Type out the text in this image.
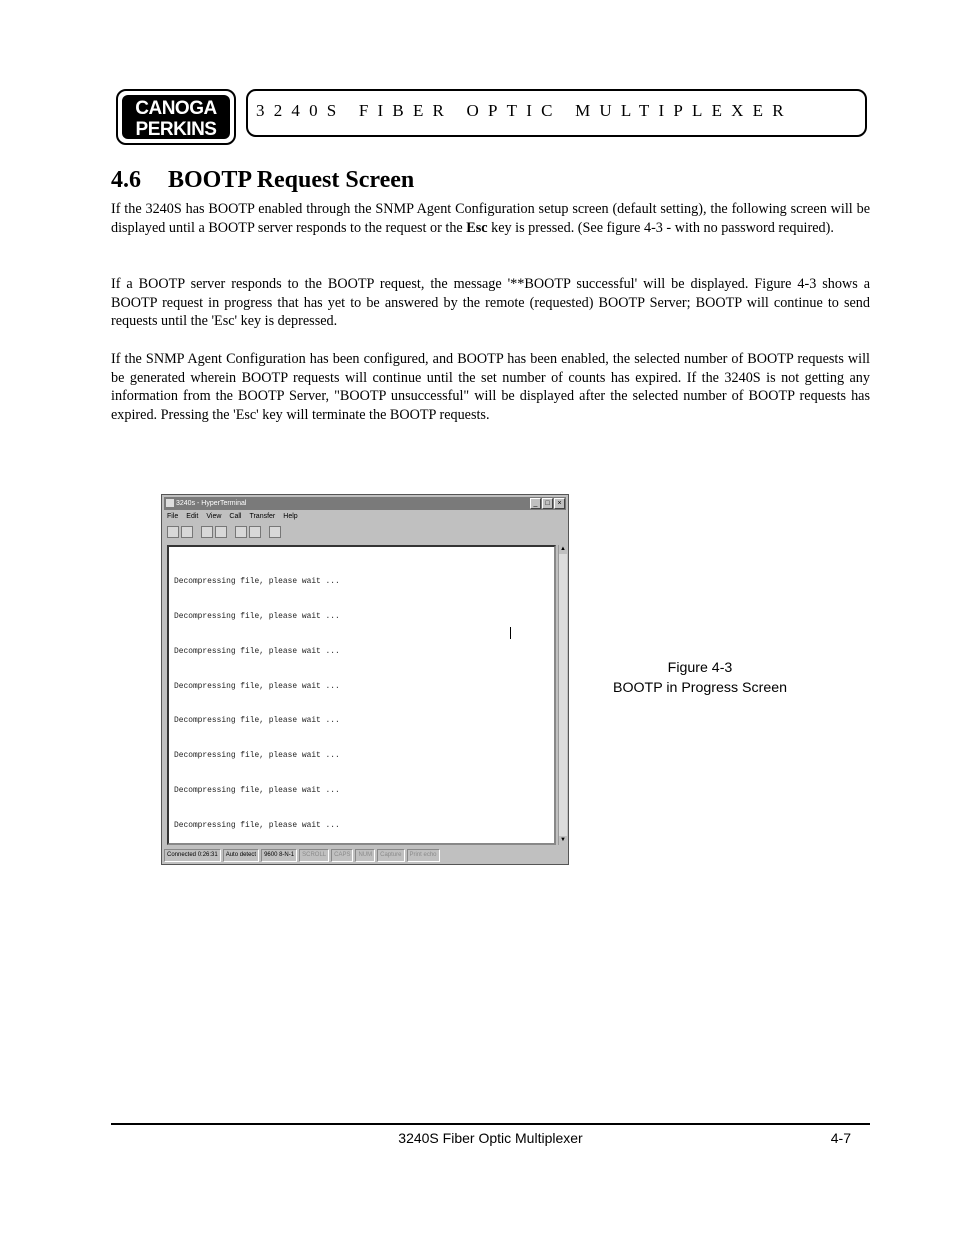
CANOGA
PERKINS
3240S FIBER OPTIC MULTIPLEXER
4.6 BOOTP Request Screen

If the 3240S has BOOTP enabled through the SNMP Agent Configuration setup screen (default setting), the following screen will be displayed until a BOOTP server responds to the request or the Esc key is pressed. (See figure 4-3 - with no password required).

If a BOOTP server responds to the BOOTP request, the message '**BOOTP successful' will be displayed. Figure 4-3 shows a BOOTP request in progress that has yet to be answered by the remote (requested) BOOTP Server; BOOTP will continue to send requests until the 'Esc' key is depressed.

If the SNMP Agent Configuration has been configured, and BOOTP has been enabled, the selected number of BOOTP requests will be generated wherein BOOTP requests will continue until the set number of counts has expired. If the 3240S is not getting any information from the BOOTP Server, "BOOTP unsuccessful" will be displayed after the selected number of BOOTP requests has expired. Pressing the 'Esc' key will terminate the BOOTP requests.

3240s - HyperTerminal	_	□	×
File Edit View Call Transfer Help

Decompressing file, please wait ...

Decompressing file, please wait ...

Decompressing file, please wait ...

Decompressing file, please wait ...

Decompressing file, please wait ...

Decompressing file, please wait ...

Decompressing file, please wait ...

Decompressing file, please wait ...

▲
▼
Connected 0:26:31	Auto detect	9600 8-N-1	SCROLL	CAPS	NUM	Capture	Print echo
Figure 4-3
BOOTP in Progress Screen
3240S Fiber Optic Multiplexer	4-7
